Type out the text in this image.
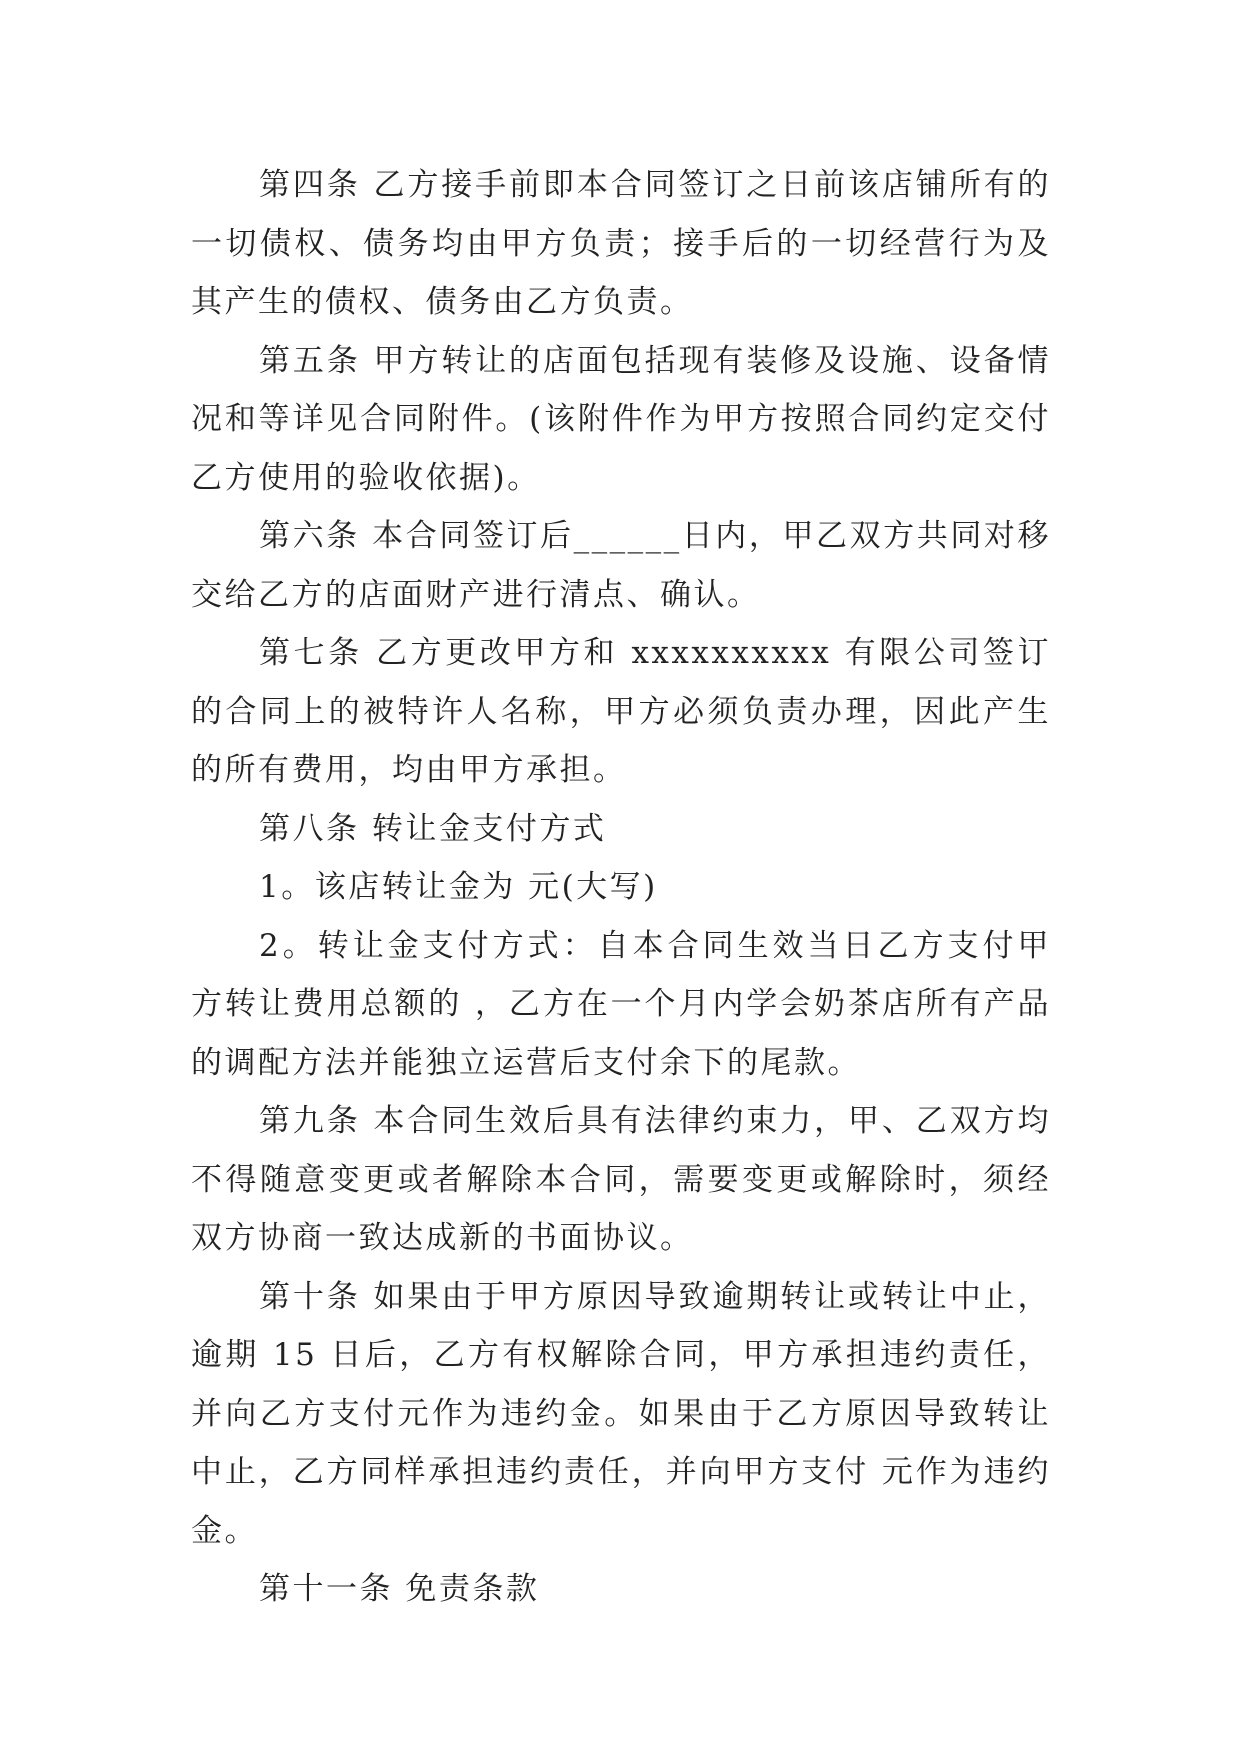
第四条 乙方接手前即本合同签订之日前该店铺所有的一切债权、债务均由甲方负责；接手后的一切经营行为及其产生的债权、债务由乙方负责。

第五条 甲方转让的店面包括现有装修及设施、设备情况和等详见合同附件。(该附件作为甲方按照合同约定交付乙方使用的验收依据)。

第六条 本合同签订后______日内，甲乙双方共同对移交给乙方的店面财产进行清点、确认。

第七条 乙方更改甲方和 xxxxxxxxxx 有限公司签订的合同上的被特许人名称，甲方必须负责办理，因此产生的所有费用，均由甲方承担。

第八条 转让金支付方式

1。该店转让金为 元(大写)

2。转让金支付方式：自本合同生效当日乙方支付甲方转让费用总额的 ，乙方在一个月内学会奶茶店所有产品的调配方法并能独立运营后支付余下的尾款。

第九条 本合同生效后具有法律约束力，甲、乙双方均不得随意变更或者解除本合同，需要变更或解除时，须经双方协商一致达成新的书面协议。

第十条 如果由于甲方原因导致逾期转让或转让中止，逾期 15 日后，乙方有权解除合同，甲方承担违约责任，并向乙方支付元作为违约金。如果由于乙方原因导致转让中止，乙方同样承担违约责任，并向甲方支付 元作为违约金。

第十一条 免责条款
